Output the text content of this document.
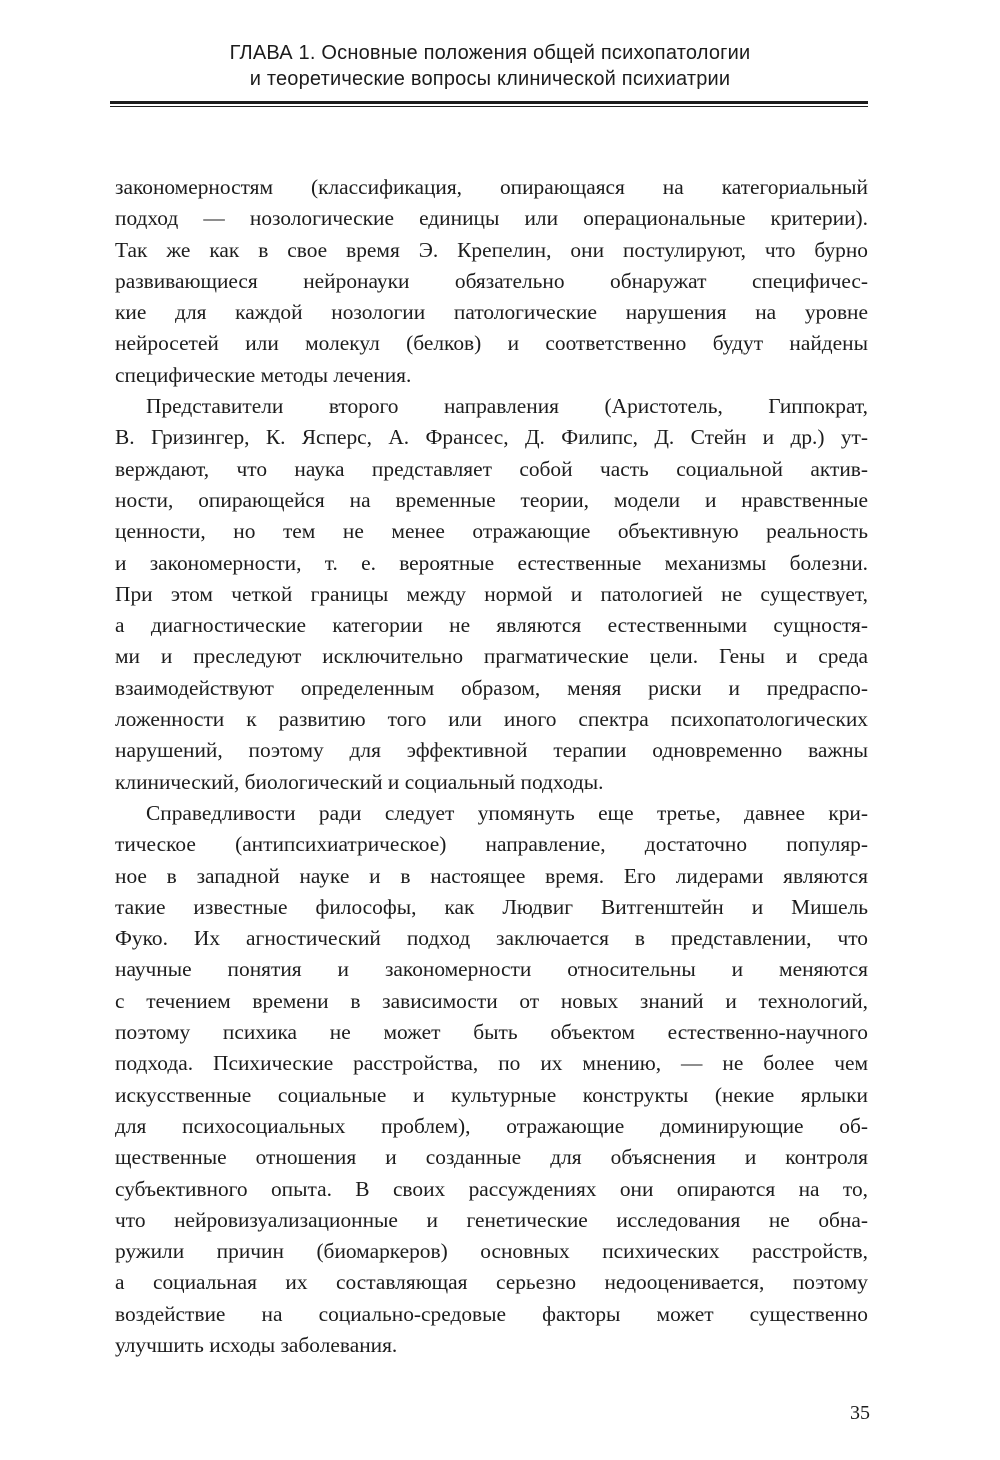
ГЛАВА 1. Основные положения общей психопатологии
и теоретические вопросы клинической психиатрии
закономерностям (классификация, опирающаяся на категориальный
подход — нозологические единицы или операциональные критерии).
Так же как в свое время Э. Крепелин, они постулируют, что бурно
развивающиеся нейронауки обязательно обнаружат специфичес-
кие для каждой нозологии патологические нарушения на уровне
нейросетей или молекул (белков) и соответственно будут найдены
специфические методы лечения.
Представители второго направления (Аристотель, Гиппократ,
В. Гризингер, К. Ясперс, А. Франсес, Д. Филипс, Д. Стейн и др.) ут-
верждают, что наука представляет собой часть социальной актив-
ности, опирающейся на временные теории, модели и нравственные
ценности, но тем не менее отражающие объективную реальность
и закономерности, т. е. вероятные естественные механизмы болезни.
При этом четкой границы между нормой и патологией не существует,
а диагностические категории не являются естественными сущностя-
ми и преследуют исключительно прагматические цели. Гены и среда
взаимодействуют определенным образом, меняя риски и предраспо-
ложенности к развитию того или иного спектра психопатологических
нарушений, поэтому для эффективной терапии одновременно важны
клинический, биологический и социальный подходы.
Справедливости ради следует упомянуть еще третье, давнее кри-
тическое (антипсихиатрическое) направление, достаточно популяр-
ное в западной науке и в настоящее время. Его лидерами являются
такие известные философы, как Людвиг Витгенштейн и Мишель
Фуко. Их агностический подход заключается в представлении, что
научные понятия и закономерности относительны и меняются
с течением времени в зависимости от новых знаний и технологий,
поэтому психика не может быть объектом естественно-научного
подхода. Психические расстройства, по их мнению, — не более чем
искусственные социальные и культурные конструкты (некие ярлыки
для психосоциальных проблем), отражающие доминирующие об-
щественные отношения и созданные для объяснения и контроля
субъективного опыта. В своих рассуждениях они опираются на то,
что нейровизуализационные и генетические исследования не обна-
ружили причин (биомаркеров) основных психических расстройств,
а социальная их составляющая серьезно недооценивается, поэтому
воздействие на социально-средовые факторы может существенно
улучшить исходы заболевания.
35
